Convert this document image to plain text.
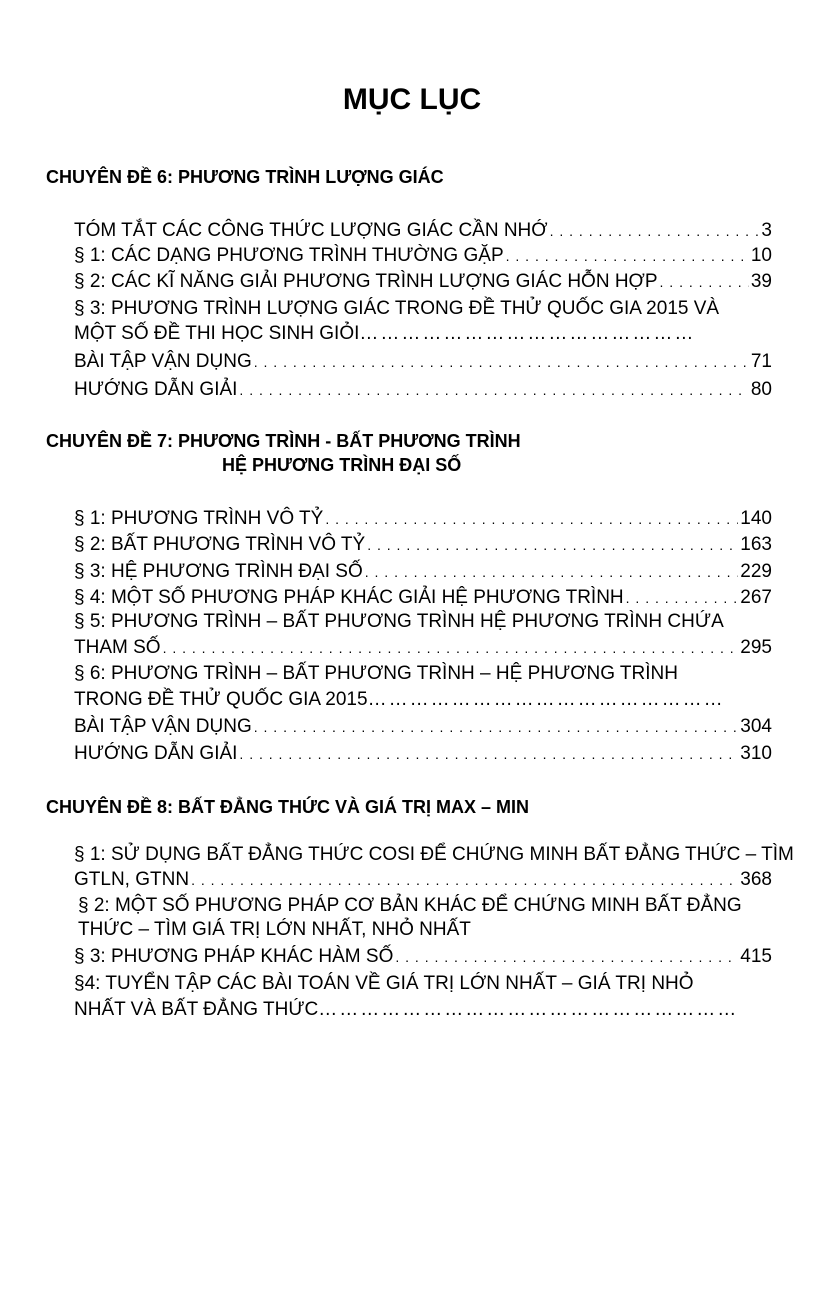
MỤC LỤC
CHUYÊN ĐỀ 6: PHƯƠNG TRÌNH LƯỢNG GIÁC
TÓM TẮT CÁC CÔNG THỨC LƯỢNG GIÁC CẦN NHỚ . . .	3
§ 1: CÁC DẠNG PHƯƠNG TRÌNH THƯỜNG GẶP . . .	10
§ 2: CÁC KĨ NĂNG GIẢI PHƯƠNG TRÌNH LƯỢNG GIÁC HỖN HỢP . . .	39
§ 3: PHƯƠNG TRÌNH LƯỢNG GIÁC TRONG ĐỀ THỬ QUỐC GIA 2015 VÀ
MỘT SỐ ĐỀ THI HỌC SINH GIỎI …………………………………………
BÀI TẬP VẬN DỤNG . . .	71
HƯỚNG DẪN GIẢI . . .	80
CHUYÊN ĐỀ 7: PHƯƠNG TRÌNH - BẤT PHƯƠNG TRÌNH
HỆ PHƯƠNG TRÌNH ĐẠI SỐ
§ 1: PHƯƠNG TRÌNH VÔ TỶ . . .	140
§ 2: BẤT PHƯƠNG TRÌNH VÔ TỶ . . .	163
§ 3: HỆ PHƯƠNG TRÌNH ĐẠI SỐ . . .	229
§ 4: MỘT SỐ PHƯƠNG PHÁP KHÁC GIẢI HỆ PHƯƠNG TRÌNH . . .	267
§ 5: PHƯƠNG TRÌNH – BẤT PHƯƠNG TRÌNH HỆ PHƯƠNG TRÌNH CHỨA
THAM SỐ . . .	295
§ 6: PHƯƠNG TRÌNH – BẤT PHƯƠNG TRÌNH – HỆ PHƯƠNG TRÌNH
TRONG ĐỀ THỬ QUỐC GIA 2015 ……………………………………………
BÀI TẬP VẬN DỤNG . . .	304
HƯỚNG DẪN GIẢI . . .	310
CHUYÊN ĐỀ 8: BẤT ĐẲNG THỨC VÀ GIÁ TRỊ MAX – MIN
§ 1: SỬ DỤNG BẤT ĐẲNG THỨC COSI ĐỂ CHỨNG MINH BẤT ĐẲNG THỨC – TÌM
GTLN, GTNN . . .	368
§ 2: MỘT SỐ PHƯƠNG PHÁP CƠ BẢN KHÁC ĐỂ CHỨNG MINH BẤT ĐẲNG
THỨC – TÌM GIÁ TRỊ LỚN NHẤT, NHỎ NHẤT
§ 3: PHƯƠNG PHÁP KHÁC HÀM SỐ . . .	415
§4: TUYỂN TẬP CÁC BÀI TOÁN VỀ GIÁ TRỊ LỚN NHẤT – GIÁ TRỊ NHỎ
NHẤT VÀ BẤT ĐẲNG THỨC ……………………………………………………
